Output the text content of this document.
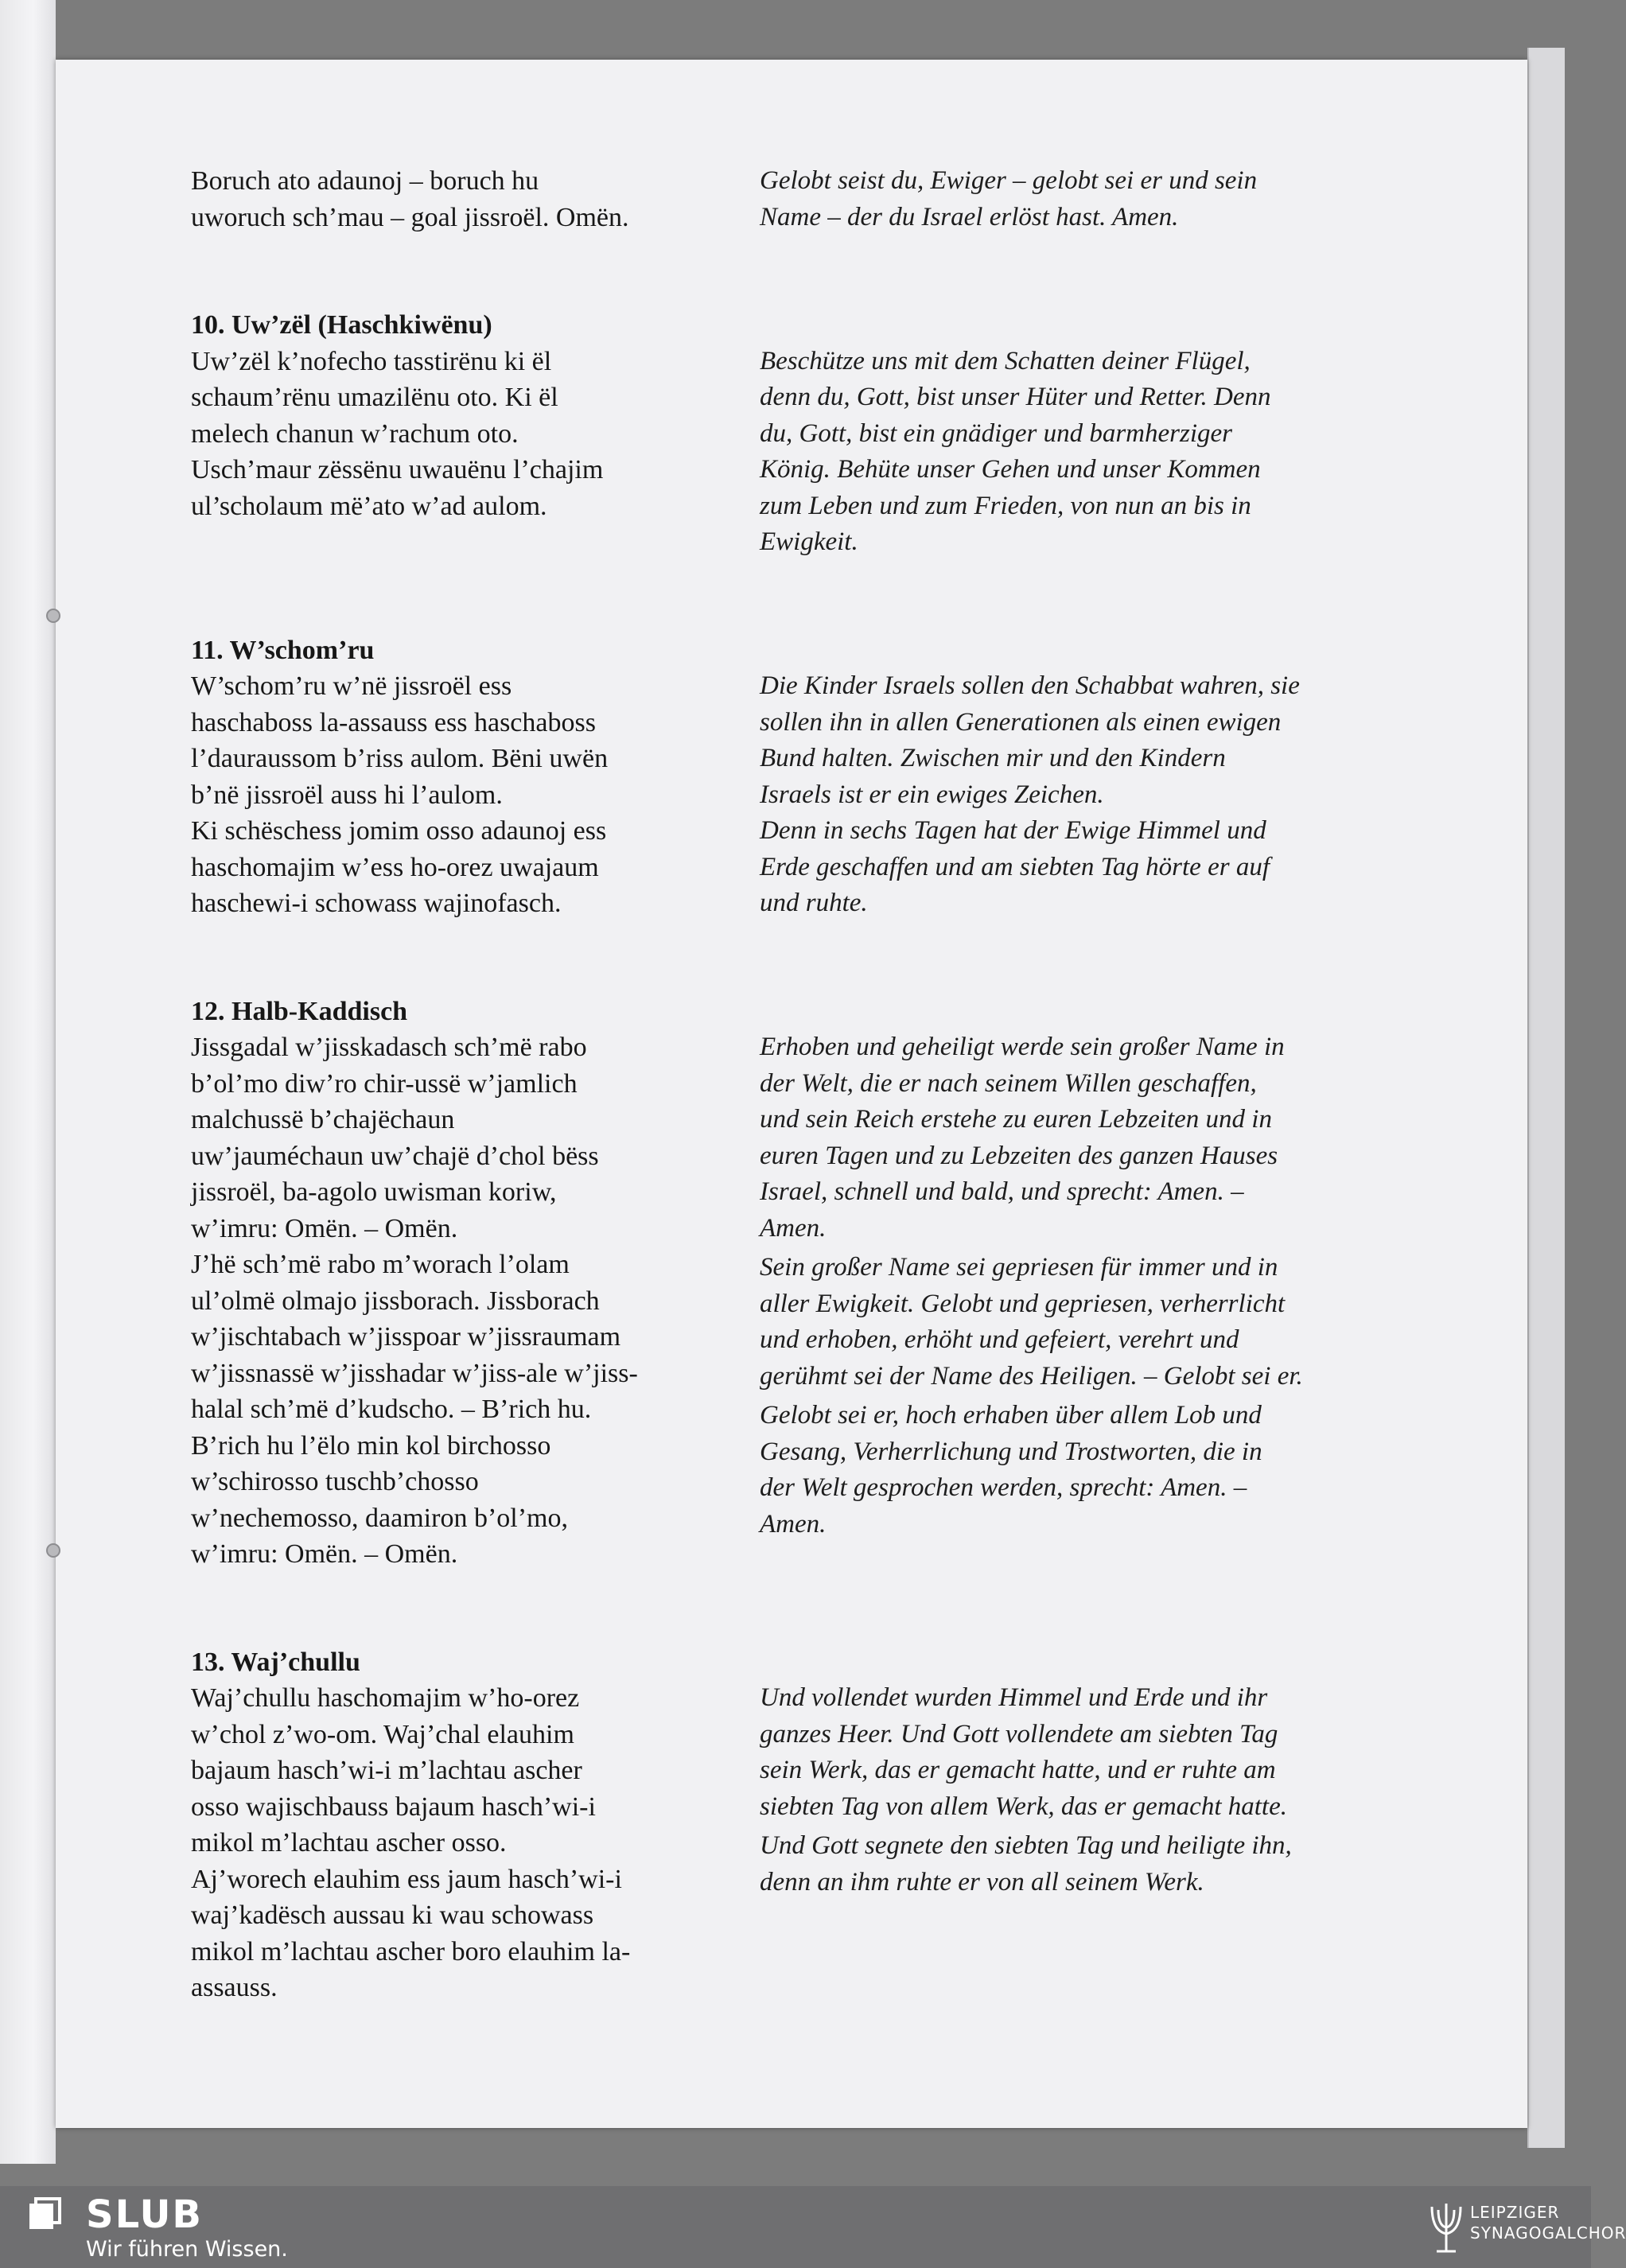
Boruch ato adaunoj – boruch hu
uworuch sch’mau – goal jissroël. Omën.
Gelobt seist du, Ewiger – gelobt sei er und sein
Name – der du Israel erlöst hast. Amen.
10. Uw’zël (Haschkiwënu)
Uw’zël k’nofecho tasstirënu ki ël
schaum’rënu umazilënu oto. Ki ël
melech chanun w’rachum oto.
Usch’maur zëssënu uwauënu l’chajim
ul’scholaum më’ato w’ad aulom.

Beschütze uns mit dem Schatten deiner Flügel,
denn du, Gott, bist unser Hüter und Retter. Denn
du, Gott, bist ein gnädiger und barmherziger
König. Behüte unser Gehen und unser Kommen
zum Leben und zum Frieden, von nun an bis in
Ewigkeit.
11. W’schom’ru
W’schom’ru w’në jissroël ess
haschaboss la-assauss ess haschaboss
l’dauraussom b’riss aulom. Bëni uwën
b’në jissroël auss hi l’aulom.
Ki schëschess jomim osso adaunoj ess
haschomajim w’ess ho-orez uwajaum
haschewi-i schowass wajinofasch.

Die Kinder Israels sollen den Schabbat wahren, sie
sollen ihn in allen Generationen als einen ewigen
Bund halten. Zwischen mir und den Kindern
Israels ist er ein ewiges Zeichen.
Denn in sechs Tagen hat der Ewige Himmel und
Erde geschaffen und am siebten Tag hörte er auf
und ruhte.
12. Halb-Kaddisch
Jissgadal w’jisskadasch sch’më rabo
b’ol’mo diw’ro chir-ussë w’jamlich
malchussë b’chajëchaun
uw’jauméchaun uw’chajë d’chol bëss
jissroël, ba-agolo uwisman koriw,
w’imru: Omën. – Omën.
J’hë sch’më rabo m’worach l’olam
ul’olmë olmajo jissborach. Jissborach
w’jischtabach w’jisspoar w’jissraumam
w’jissnassë w’jisshadar w’jiss-ale w’jiss-
halal sch’më d’kudscho. – B’rich hu.
B’rich hu l’ëlo min kol birchosso
w’schirosso tuschb’chosso
w’nechemosso, daamiron b’ol’mo,
w’imru: Omën. – Omën.

Erhoben und geheiligt werde sein großer Name in
der Welt, die er nach seinem Willen geschaffen,
und sein Reich erstehe zu euren Lebzeiten und in
euren Tagen und zu Lebzeiten des ganzen Hauses
Israel, schnell und bald, und sprecht: Amen. –
Amen.
Sein großer Name sei gepriesen für immer und in
aller Ewigkeit. Gelobt und gepriesen, verherrlicht
und erhoben, erhöht und gefeiert, verehrt und
gerühmt sei der Name des Heiligen. – Gelobt sei er.
Gelobt sei er, hoch erhaben über allem Lob und
Gesang, Verherrlichung und Trostworten, die in
der Welt gesprochen werden, sprecht: Amen. –
Amen.
13. Waj’chullu
Waj’chullu haschomajim w’ho-orez
w’chol z’wo-om. Waj’chal elauhim
bajaum hasch’wi-i m’lachtau ascher
osso wajischbauss bajaum hasch’wi-i
mikol m’lachtau ascher osso.
Aj’worech elauhim ess jaum hasch’wi-i
waj’kadësch aussau ki wau schowass
mikol m’lachtau ascher boro elauhim la-
assauss.

Und vollendet wurden Himmel und Erde und ihr
ganzes Heer. Und Gott vollendete am siebten Tag
sein Werk, das er gemacht hatte, und er ruhte am
siebten Tag von allem Werk, das er gemacht hatte.
Und Gott segnete den siebten Tag und heiligte ihn,
denn an ihm ruhte er von all seinem Werk.
SLUB
Wir führen Wissen.
LEIPZIGER
SYNAGOGALCHOR
